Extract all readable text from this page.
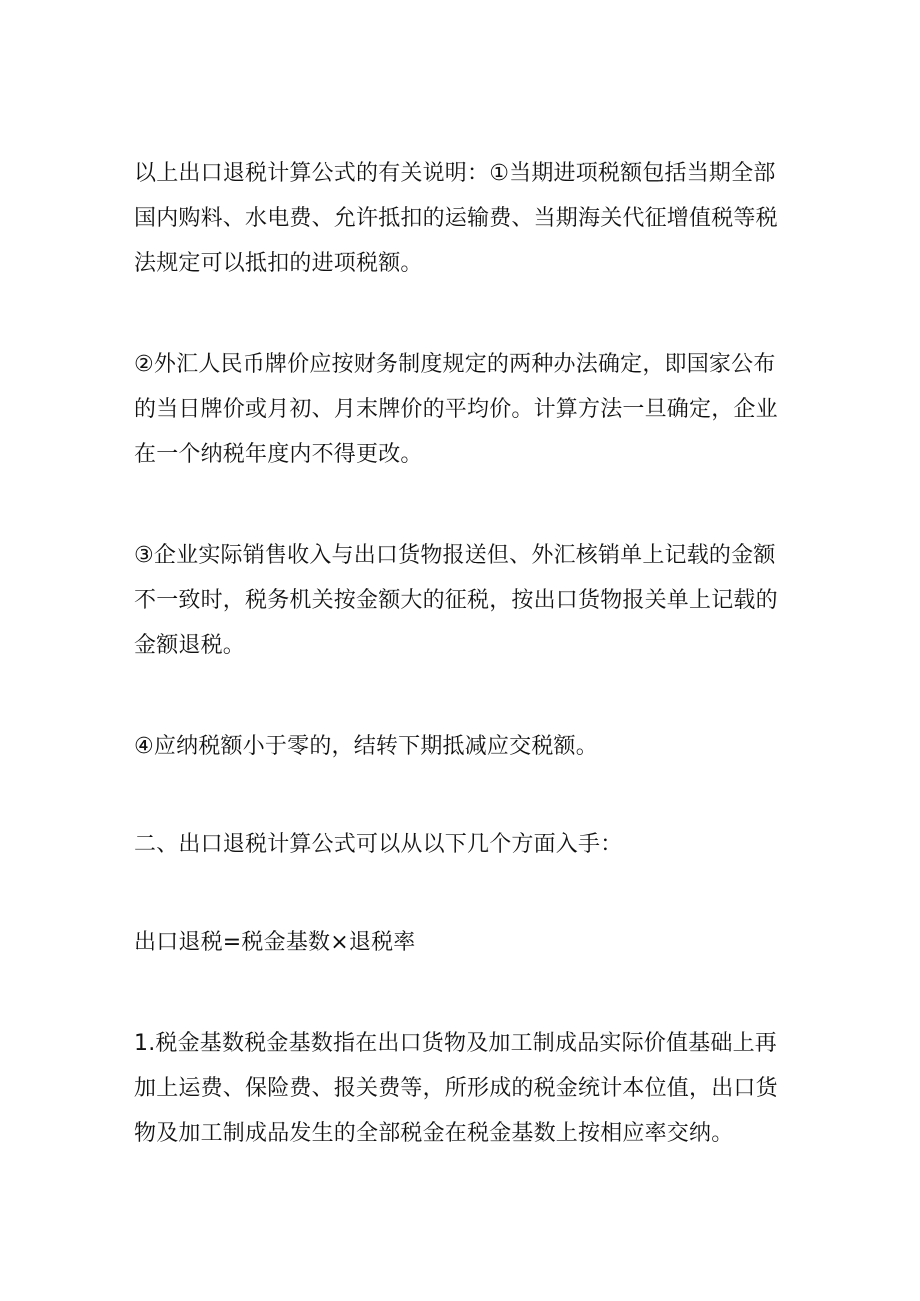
以上出口退税计算公式的有关说明：①当期进项税额包括当期全部国内购料、水电费、允许抵扣的运输费、当期海关代征增值税等税法规定可以抵扣的进项税额。

②外汇人民币牌价应按财务制度规定的两种办法确定，即国家公布的当日牌价或月初、月末牌价的平均价。计算方法一旦确定，企业在一个纳税年度内不得更改。

③企业实际销售收入与出口货物报送但、外汇核销单上记载的金额不一致时，税务机关按金额大的征税，按出口货物报关单上记载的金额退税。

④应纳税额小于零的，结转下期抵减应交税额。

二、出口退税计算公式可以从以下几个方面入手：

出口退税=税金基数×退税率

1.税金基数税金基数指在出口货物及加工制成品实际价值基础上再加上运费、保险费、报关费等，所形成的税金统计本位值，出口货物及加工制成品发生的全部税金在税金基数上按相应率交纳。
